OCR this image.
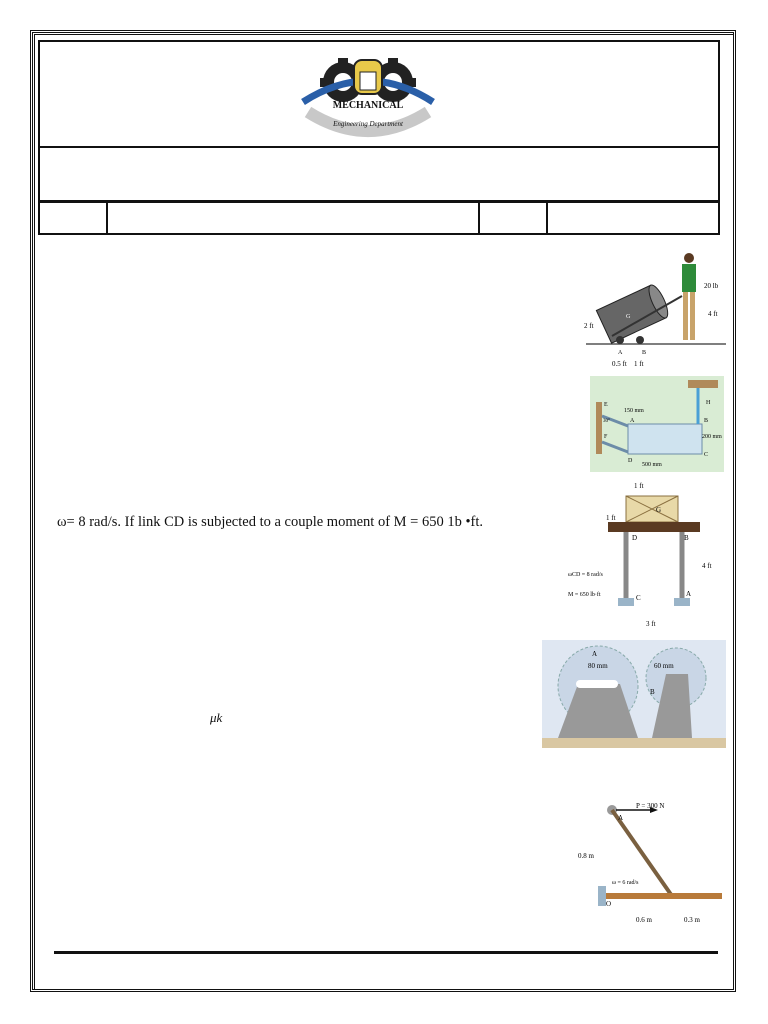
MECHANICAL
Engineering Department
ω= 8 rad/s. If link CD is subjected to a couple moment of M = 650 1b •ft.
μk
20 lb
4 ft
2 ft
0.5 ft 1 ft
A	B
G
150 mm
200 mm
500 mm
E
A
F
D
H
B
C
30°
1 ft
1 ft
4 ft
ωCD = 8 rad/s
M = 650 lb·ft
3 ft
D	B
C	A
G
A
80 mm	60 mm
B
P = 300 N
0.8 m
ω = 6 rad/s
0.6 m	0.3 m
A
O
